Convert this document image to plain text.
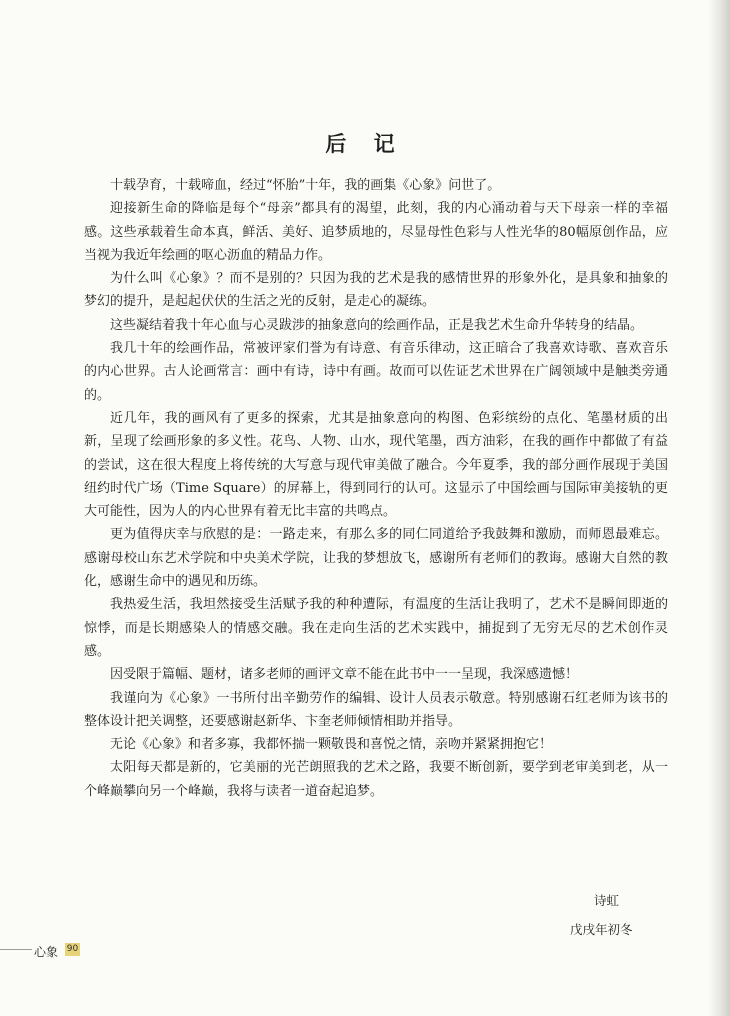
后 记

十载孕育，十载啼血，经过“怀胎”十年，我的画集《心象》问世了。

迎接新生命的降临是每个“母亲”都具有的渴望，此刻，我的内心涌动着与天下母亲一样的幸福感。这些承载着生命本真，鲜活、美好、追梦质地的，尽显母性色彩与人性光华的80幅原创作品，应当视为我近年绘画的呕心沥血的精品力作。

为什么叫《心象》？而不是别的？只因为我的艺术是我的感情世界的形象外化，是具象和抽象的梦幻的提升，是起起伏伏的生活之光的反射，是走心的凝练。

这些凝结着我十年心血与心灵跋涉的抽象意向的绘画作品，正是我艺术生命升华转身的结晶。

我几十年的绘画作品，常被评家们誉为有诗意、有音乐律动，这正暗合了我喜欢诗歌、喜欢音乐的内心世界。古人论画常言：画中有诗，诗中有画。故而可以佐证艺术世界在广阔领域中是触类旁通的。

近几年，我的画风有了更多的探索，尤其是抽象意向的构图、色彩缤纷的点化、笔墨材质的出新，呈现了绘画形象的多义性。花鸟、人物、山水，现代笔墨，西方油彩，在我的画作中都做了有益的尝试，这在很大程度上将传统的大写意与现代审美做了融合。今年夏季，我的部分画作展现于美国纽约时代广场（Time Square）的屏幕上，得到同行的认可。这显示了中国绘画与国际审美接轨的更大可能性，因为人的内心世界有着无比丰富的共鸣点。

更为值得庆幸与欣慰的是：一路走来，有那么多的同仁同道给予我鼓舞和激励，而师恩最难忘。感谢母校山东艺术学院和中央美术学院，让我的梦想放飞，感谢所有老师们的教诲。感谢大自然的教化，感谢生命中的遇见和历练。

我热爱生活，我坦然接受生活赋予我的种种遭际，有温度的生活让我明了，艺术不是瞬间即逝的惊悸，而是长期感染人的情感交融。我在走向生活的艺术实践中，捕捉到了无穷无尽的艺术创作灵感。

因受限于篇幅、题材，诸多老师的画评文章不能在此书中一一呈现，我深感遗憾！

我谨向为《心象》一书所付出辛勤劳作的编辑、设计人员表示敬意。特别感谢石红老师为该书的整体设计把关调整，还要感谢赵新华、卞奎老师倾情相助并指导。

无论《心象》和者多寡，我都怀揣一颗敬畏和喜悦之情，亲吻并紧紧拥抱它！

太阳每天都是新的，它美丽的光芒朗照我的艺术之路，我要不断创新，要学到老审美到老，从一个峰巅攀向另一个峰巅，我将与读者一道奋起追梦。

诗虹
戊戌年初冬
心象 90
